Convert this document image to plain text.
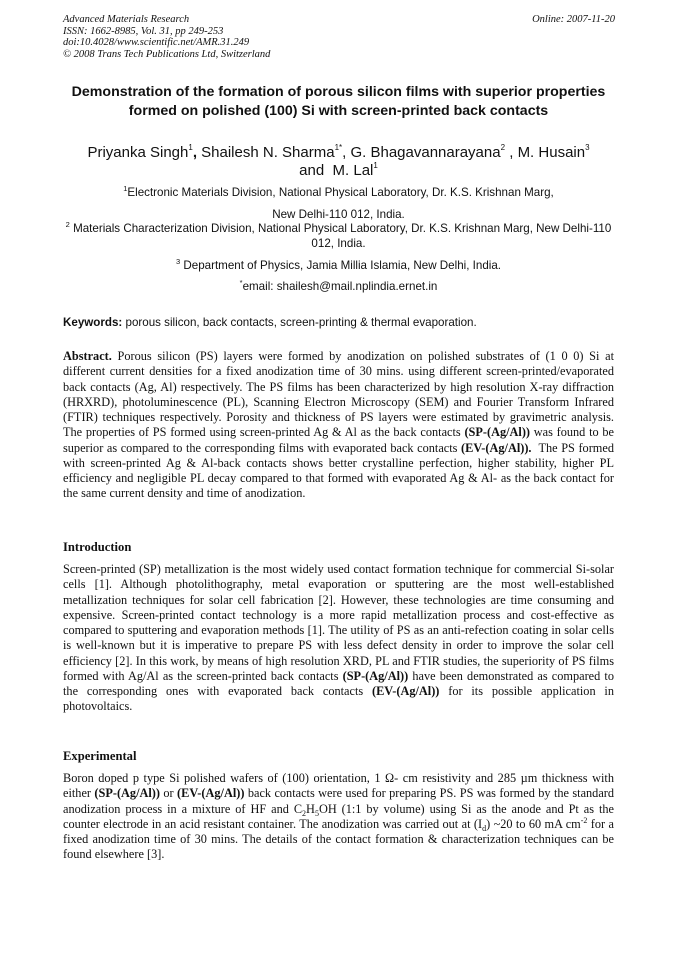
Advanced Materials Research
ISSN: 1662-8985, Vol. 31, pp 249-253
doi:10.4028/www.scientific.net/AMR.31.249
© 2008 Trans Tech Publications Ltd, Switzerland
Online: 2007-11-20
Demonstration of the formation of porous silicon films with superior properties formed on polished (100) Si with screen-printed back contacts
Priyanka Singh$^1$, Shailesh N. Sharma$^{1*}$, G. Bhagavannarayana$^2$ , M. Husain$^3$
and M. Lal$^1$
$^1$Electronic Materials Division, National Physical Laboratory, Dr. K.S. Krishnan Marg,
New Delhi-110 012, India.
$^2$ Materials Characterization Division, National Physical Laboratory, Dr. K.S. Krishnan Marg, New Delhi-110 012, India.
$^3$ Department of Physics, Jamia Millia Islamia, New Delhi, India.
*email: shailesh@mail.nplindia.ernet.in
Keywords: porous silicon, back contacts, screen-printing & thermal evaporation.
Abstract. Porous silicon (PS) layers were formed by anodization on polished substrates of (1 0 0) Si at different current densities for a fixed anodization time of 30 mins. using different screen-printed/evaporated back contacts (Ag, Al) respectively. The PS films has been characterized by high resolution X-ray diffraction (HRXRD), photoluminescence (PL), Scanning Electron Microscopy (SEM) and Fourier Transform Infrared (FTIR) techniques respectively. Porosity and thickness of PS layers were estimated by gravimetric analysis. The properties of PS formed using screen-printed Ag & Al as the back contacts (SP-(Ag/Al)) was found to be superior as compared to the corresponding films with evaporated back contacts (EV-(Ag/Al)). The PS formed with screen-printed Ag & Al-back contacts shows better crystalline perfection, higher stability, higher PL efficiency and negligible PL decay compared to that formed with evaporated Ag & Al- as the back contact for the same current density and time of anodization.
Introduction
Screen-printed (SP) metallization is the most widely used contact formation technique for commercial Si-solar cells [1]. Although photolithography, metal evaporation or sputtering are the most well-established metallization techniques for solar cell fabrication [2]. However, these technologies are time consuming and expensive. Screen-printed contact technology is a more rapid metallization process and cost-effective as compared to sputtering and evaporation methods [1]. The utility of PS as an anti-refection coating in solar cells is well-known but it is imperative to prepare PS with less defect density in order to improve the solar cell efficiency [2]. In this work, by means of high resolution XRD, PL and FTIR studies, the superiority of PS films formed with Ag/Al as the screen-printed back contacts (SP-(Ag/Al)) have been demonstrated as compared to the corresponding ones with evaporated back contacts (EV-(Ag/Al)) for its possible application in photovoltaics.
Experimental
Boron doped p type Si polished wafers of (100) orientation, 1 Ω- cm resistivity and 285 µm thickness with either (SP-(Ag/Al)) or (EV-(Ag/Al)) back contacts were used for preparing PS. PS was formed by the standard anodization process in a mixture of HF and $C_2H_5OH$ (1:1 by volume) using Si as the anode and Pt as the counter electrode in an acid resistant container. The anodization was carried out at $(I_d)$ ~20 to 60 mA $cm^{-2}$ for a fixed anodization time of 30 mins. The details of the contact formation & characterization techniques can be found elsewhere [3].
